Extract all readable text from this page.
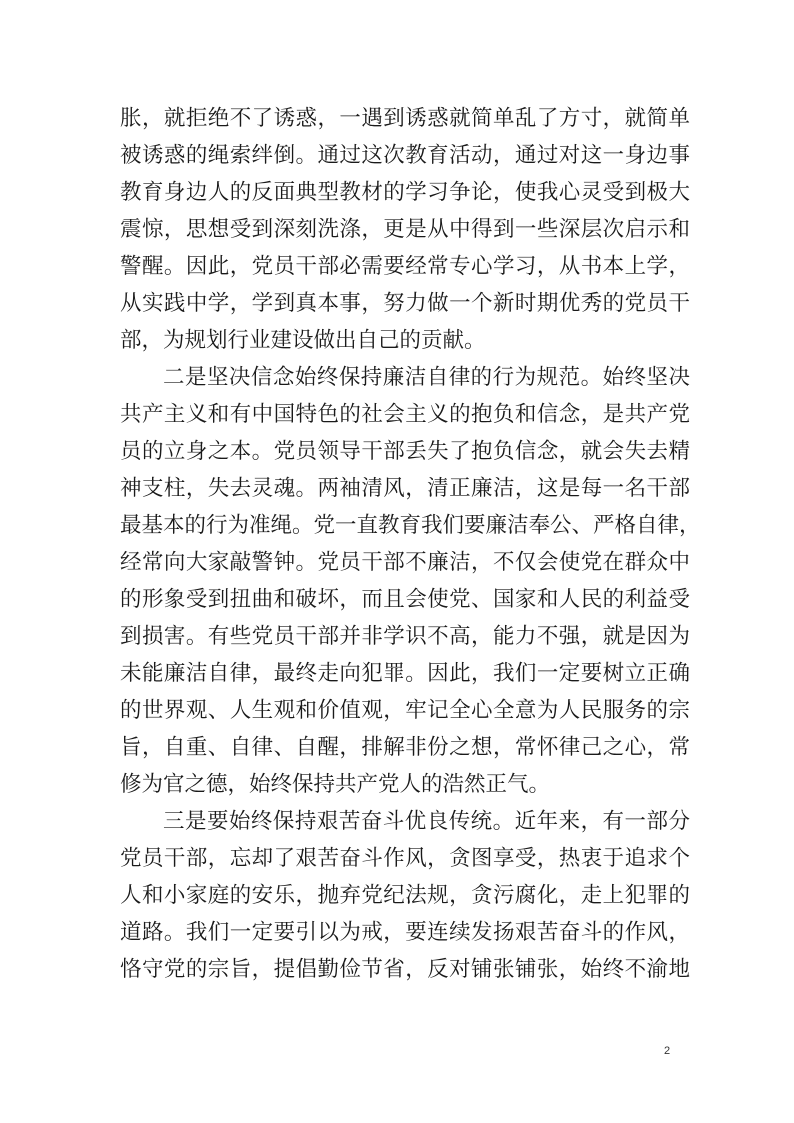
胀，就拒绝不了诱惑，一遇到诱惑就简单乱了方寸，就简单
被诱惑的绳索绊倒。通过这次教育活动，通过对这一身边事
教育身边人的反面典型教材的学习争论，使我心灵受到极大
震惊，思想受到深刻洗涤，更是从中得到一些深层次启示和
警醒。因此，党员干部必需要经常专心学习，从书本上学，
从实践中学，学到真本事，努力做一个新时期优秀的党员干
部，为规划行业建设做出自己的贡献。
二是坚决信念始终保持廉洁自律的行为规范。始终坚决
共产主义和有中国特色的社会主义的抱负和信念，是共产党
员的立身之本。党员领导干部丢失了抱负信念，就会失去精
神支柱，失去灵魂。两袖清风，清正廉洁，这是每一名干部
最基本的行为准绳。党一直教育我们要廉洁奉公、严格自律，
经常向大家敲警钟。党员干部不廉洁，不仅会使党在群众中
的形象受到扭曲和破坏，而且会使党、国家和人民的利益受
到损害。有些党员干部并非学识不高，能力不强，就是因为
未能廉洁自律，最终走向犯罪。因此，我们一定要树立正确
的世界观、人生观和价值观，牢记全心全意为人民服务的宗
旨，自重、自律、自醒，排解非份之想，常怀律己之心，常
修为官之德，始终保持共产党人的浩然正气。
三是要始终保持艰苦奋斗优良传统。近年来，有一部分
党员干部，忘却了艰苦奋斗作风，贪图享受，热衷于追求个
人和小家庭的安乐，抛弃党纪法规，贪污腐化，走上犯罪的
道路。我们一定要引以为戒，要连续发扬艰苦奋斗的作风，
恪守党的宗旨，提倡勤俭节省，反对铺张铺张，始终不渝地
2
